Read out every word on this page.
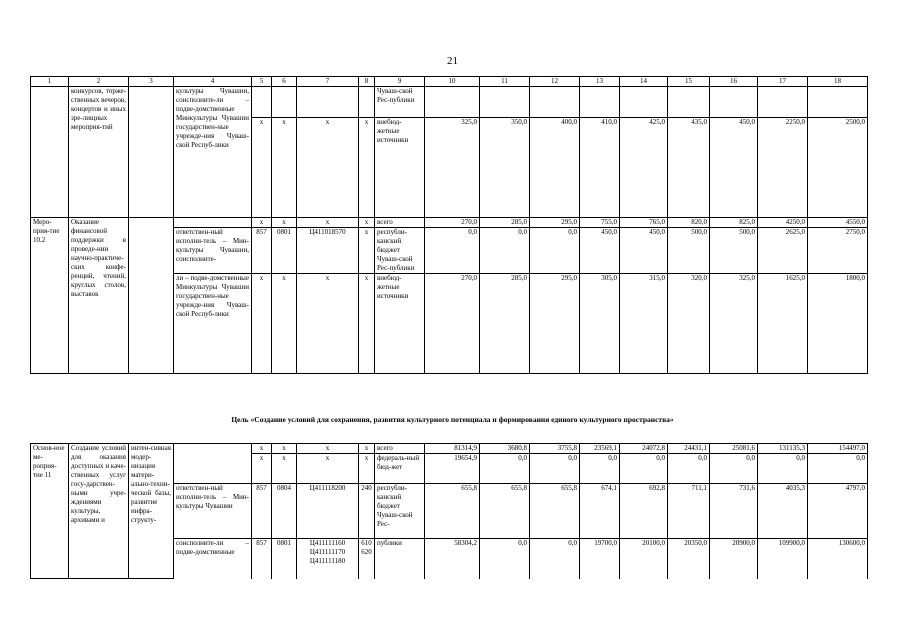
21
1	2	3	4	5	6	7	8	9	10	11	12	13	14	15	16	17	18
	конкурсов, торже-ственных вечеров, концертов и иных зре-лищных мероприя-тий		культуры Чувашии, соисполните-ли – подве-домственные Минкультуры Чувашии государствен-ные учрежде-ния Чуваш-ской Респуб-лики					Чуваш-ской Рес-публики									
				x	x	x	x	внебюд-жетные источники	325,0	350,0	400,0	410,0	425,0	435,0	450,0	2250,0	2500,0
Меро-прия-тие 10.2	Оказание финансовой поддержки в проведе-нии научно-практиче-ских конфе-ренций, чтений, круглых столов, выставок			x	x	x	x	всего	270,0	285,0	295,0	755,0	765,0	820,0	825,0	4250,0	4550,0
			ответствен-ный исполни-тель – Мин-культуры Чувашии, соисполните-	857	0801	Ц411018570	x	республи-канский бюджет Чуваш-ской Рес-публики	0,0	0,0	0,0	450,0	450,0	500,0	500,0	2625,0	2750,0
			ли – подве-домственные Минкультуры Чувашии государствен-ные учрежде-ния Чуваш-ской Респуб-лики	x	x	x	x	внебюд-жетные источники	270,0	285,0	295,0	305,0	315,0	320,0	325,0	1625,0	1800,0
Цель «Создание условий для сохранения, развития культурного потенциала и формирования единого культурного пространства»
Основ-ное ме-роприя-тие 11	Создание условий для оказания доступных и каче-ственных услуг госу-дарствен-ными учре-ждениями культуры, архивами и	интен-сивная модер-низация матери-ально-техни-ческой базы, развитие инфра-структу-		x	x	x	x	всего	81314,9	3680,8	3755,8	23569,1	24072,8	24431,1	25081,6	131135,3	154497,0
				x	x	x	x	федераль-ный бюд-жет	19654,9	0,0	0,0	0,0	0,0	0,0	0,0	0,0	0,0
			ответствен-ный исполни-тель – Мин-культуры Чувашии	857	0804	Ц411118200	240	республи-канский бюджет Чуваш-ской Рес-	655,8	655,8	655,8	674,1	692,8	711,1	731,6	4035,3	4797,0
			соисполните-ли – подве-домственные	857	0801	Ц411111160 Ц411111170 Ц411111180	610 620	публики	58304,2	0,0	0,0	19700,0	20100,0	20350,0	20900,0	109900,0	130600,0
